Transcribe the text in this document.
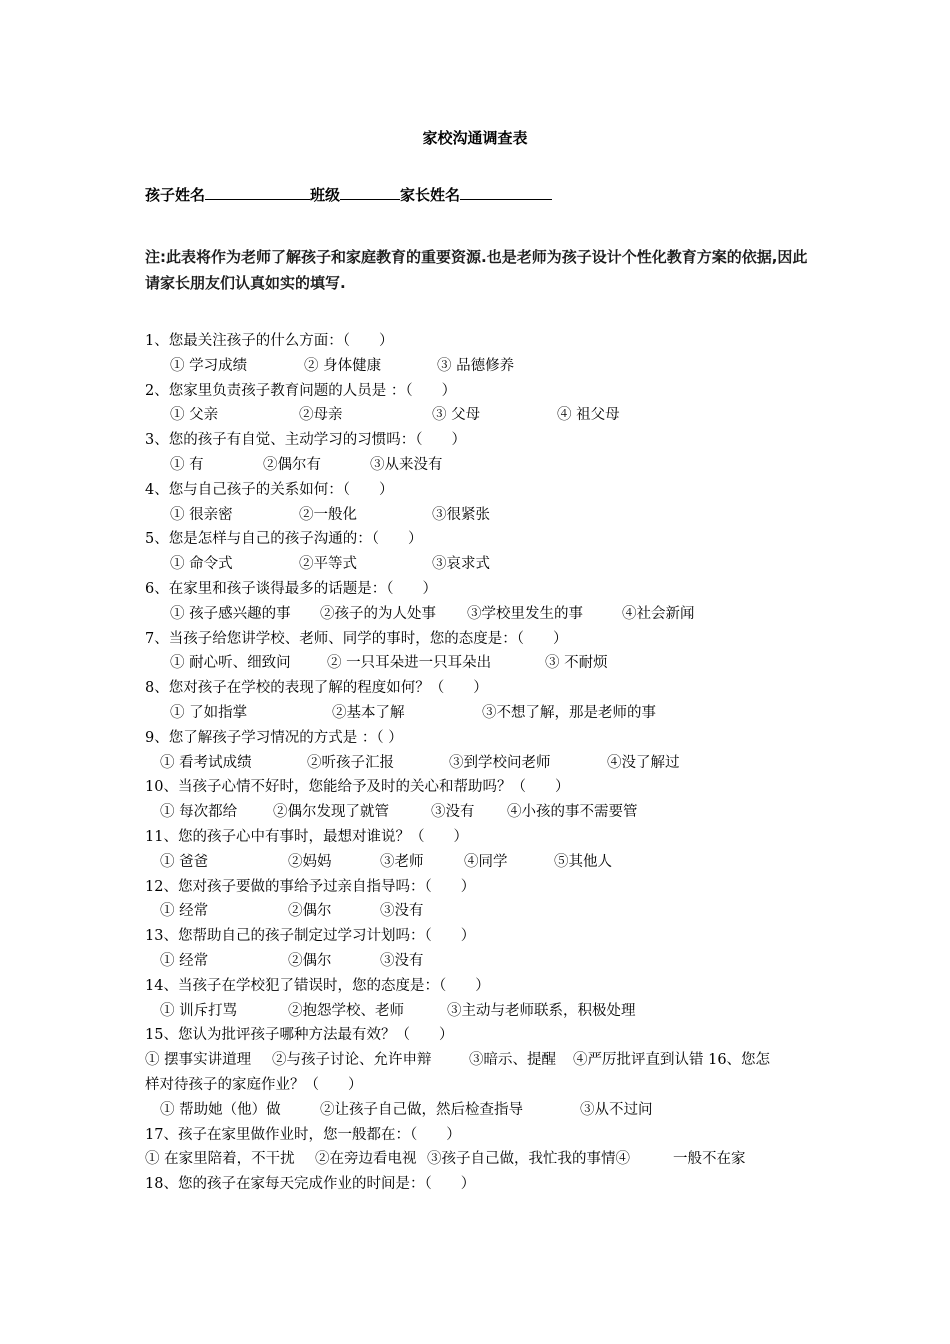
家校沟通调查表
孩子姓名	班级	家长姓名
注:此表将作为老师了解孩子和家庭教育的重要资源.也是老师为孩子设计个性化教育方案的依据,因此请家长朋友们认真如实的填写.
1、您最关注孩子的什么方面：（　　）
① 学习成绩	② 身体健康	③ 品德修养
2、您家里负责孩子教育问题的人员是 ：（　　）
① 父亲	②母亲	③ 父母	④ 祖父母
3、您的孩子有自觉、主动学习的习惯吗：（　　）
① 有	②偶尔有	③从来没有
4、您与自己孩子的关系如何：（　　）
① 很亲密	②一般化	③很紧张
5、您是怎样与自己的孩子沟通的：（　　）
① 命令式	②平等式	③哀求式
6、在家里和孩子谈得最多的话题是：（　　）
① 孩子感兴趣的事 ②孩子的为人处事 ③学校里发生的事	④社会新闻
7、当孩子给您讲学校、老师、同学的事时，您的态度是：（　　）
① 耐心听、细致问	② 一只耳朵进一只耳朵出	③ 不耐烦
8、您对孩子在学校的表现了解的程度如何？（　　）
① 了如指掌	②基本了解	③不想了解，那是老师的事
9、您了解孩子学习情况的方式是 ：（ ）
① 看考试成绩	②听孩子汇报	③到学校问老师	④没了解过
10、当孩子心情不好时，您能给予及时的关心和帮助吗？（　　）
① 每次都给 ②偶尔发现了就管	③没有 ④小孩的事不需要管
11、您的孩子心中有事时，最想对谁说？（　　）
① 爸爸	②妈妈	③老师	④同学	⑤其他人
12、您对孩子要做的事给予过亲自指导吗：（　　）
① 经常	②偶尔	③没有
13、您帮助自己的孩子制定过学习计划吗：（　　）
① 经常	②偶尔	③没有
14、当孩子在学校犯了错误时，您的态度是：（　　）
① 训斥打骂	②抱怨学校、老师	③主动与老师联系，积极处理
15、您认为批评孩子哪种方法最有效？（　　）
① 摆事实讲道理 ②与孩子讨论、允许申辩	③暗示、提醒 ④严厉批评直到认错 16、您怎
样对待孩子的家庭作业？（　　）
① 帮助她（他）做	②让孩子自己做，然后检查指导	③从不过问
17、孩子在家里做作业时，您一般都在：（　　）
① 在家里陪着，不干扰 ②在旁边看电视 ③孩子自己做，我忙我的事情④	一般不在家
18、您的孩子在家每天完成作业的时间是：（　　）
